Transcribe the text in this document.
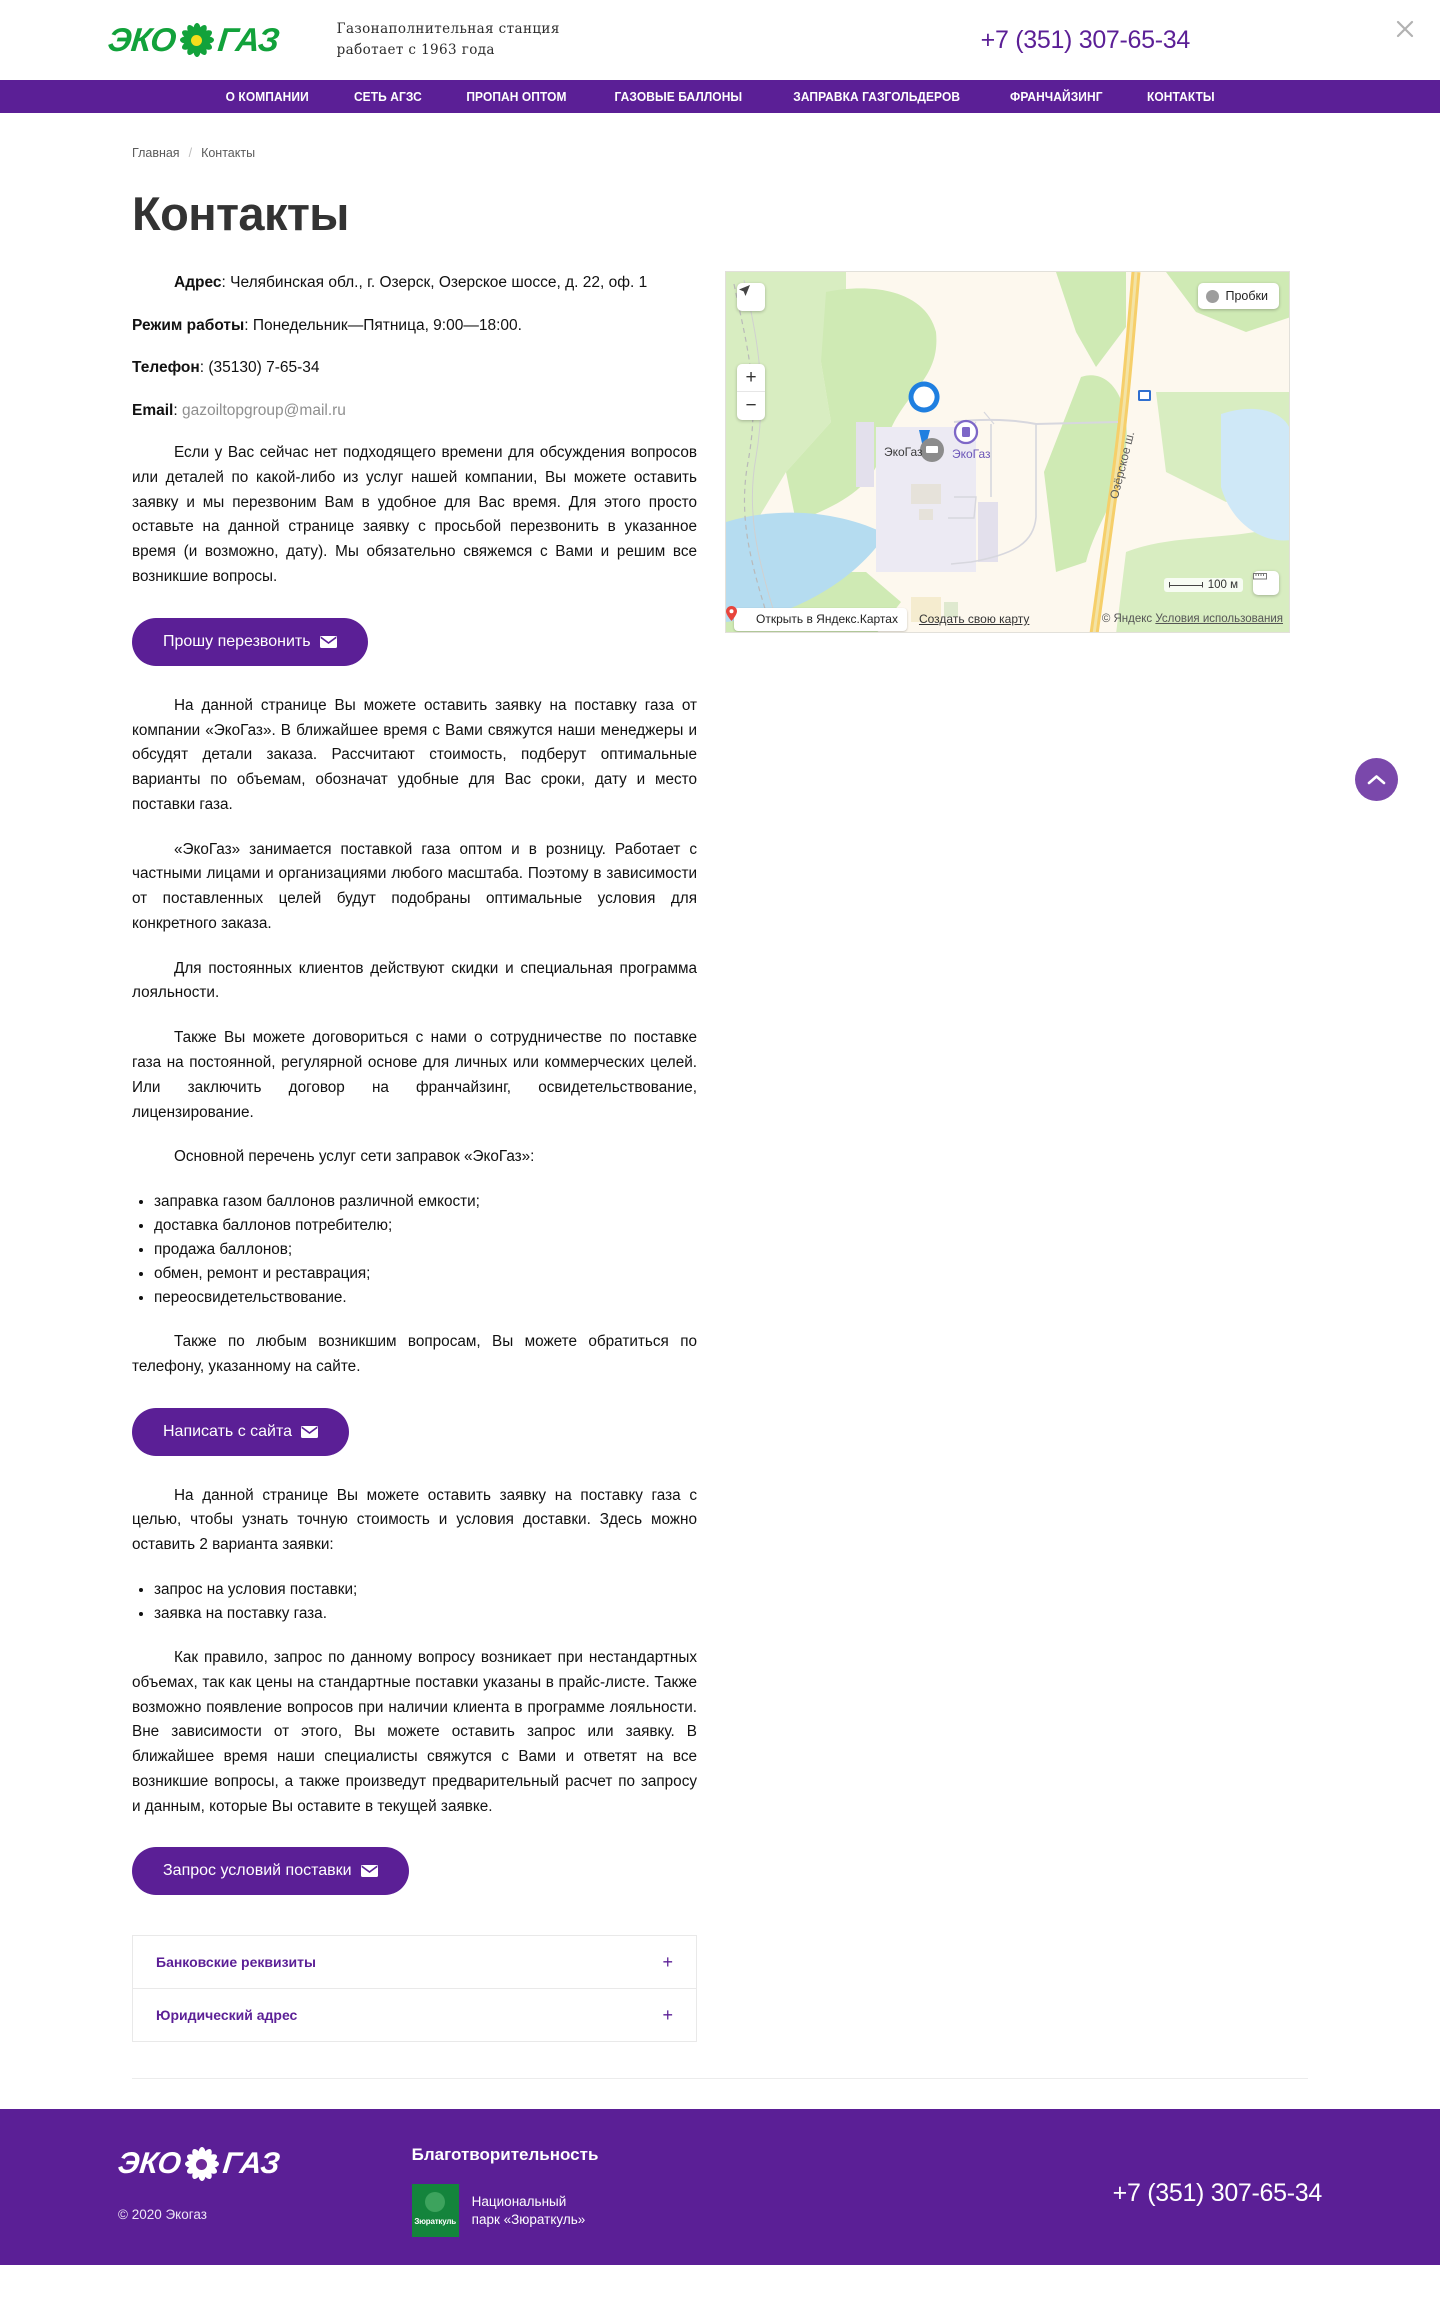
ЭКО ГАЗ	Газонаполнительная станция
работает с 1963 года	+7 (351) 307-65-34
О КОМПАНИИ	СЕТЬ АГЗС	ПРОПАН ОПТОМ	ГАЗОВЫЕ БАЛЛОНЫ	ЗАПРАВКА ГАЗГОЛЬДЕРОВ	ФРАНЧАЙЗИНГ	КОНТАКТЫ
Главная / Контакты
Контакты

Адрес: Челябинская обл., г. Озерск, Озерское шоссе, д. 22, оф. 1

Режим работы: Понедельник—Пятница, 9:00—18:00.

Телефон: (35130) 7-65-34

Email: gazoiltopgroup@mail.ru

Если у Вас сейчас нет подходящего времени для обсуждения вопросов или деталей по какой-либо из услуг нашей компании, Вы можете оставить заявку и мы перезвоним Вам в удобное для Вас время. Для этого просто оставьте на данной странице заявку с просьбой перезвонить в указанное время (и возможно, дату). Мы обязательно свяжемся с Вами и решим все возникшие вопросы.

Прошу перезвонить

На данной странице Вы можете оставить заявку на поставку газа от компании «ЭкоГаз». В ближайшее время с Вами свяжутся наши менеджеры и обсудят детали заказа. Рассчитают стоимость, подберут оптимальные варианты по объемам, обозначат удобные для Вас сроки, дату и место поставки газа.

«ЭкоГаз» занимается поставкой газа оптом и в розницу. Работает с частными лицами и организациями любого масштаба. Поэтому в зависимости от поставленных целей будут подобраны оптимальные условия для конкретного заказа.

Для постоянных клиентов действуют скидки и специальная программа лояльности.

Также Вы можете договориться с нами о сотрудничестве по поставке газа на постоянной, регулярной основе для личных или коммерческих целей. Или заключить договор на франчайзинг, освидетельствование, лицензирование.

Основной перечень услуг сети заправок «ЭкоГаз»:

• заправка газом баллонов различной емкости;
• доставка баллонов потребителю;
• продажа баллонов;
• обмен, ремонт и реставрация;
• переосвидетельствование.

Также по любым возникшим вопросам, Вы можете обратиться по телефону, указанному на сайте.

Написать с сайта

На данной странице Вы можете оставить заявку на поставку газа с целью, чтобы узнать точную стоимость и условия доставки. Здесь можно оставить 2 варианта заявки:

• запрос на условия поставки;
• заявка на поставку газа.

Как правило, запрос по данному вопросу возникает при нестандартных объемах, так как цены на стандартные поставки указаны в прайс-листе. Также возможно появление вопросов при наличии клиента в программе лояльности. Вне зависимости от этого, Вы можете оставить запрос или заявку. В ближайшее время наши специалисты свяжутся с Вами и ответят на все возникшие вопросы, а также произведут предварительный расчет по запросу и данным, которые Вы оставите в текущей заявке.

Запрос условий поставки
Банковские реквизиты	+
Юридический адрес	+
ЭкоГаз ЭкоГаз	Озёрское ш.
+
−
Пробки
100 м
Открыть в Яндекс.Картах Создать свою карту	© Яндекс Условия использования
ЭКО ГАЗ
© 2020 Экогаз
Благотворительность
Зюраткуль
Национальный
парк «Зюраткуль»
+7 (351) 307-65-34
